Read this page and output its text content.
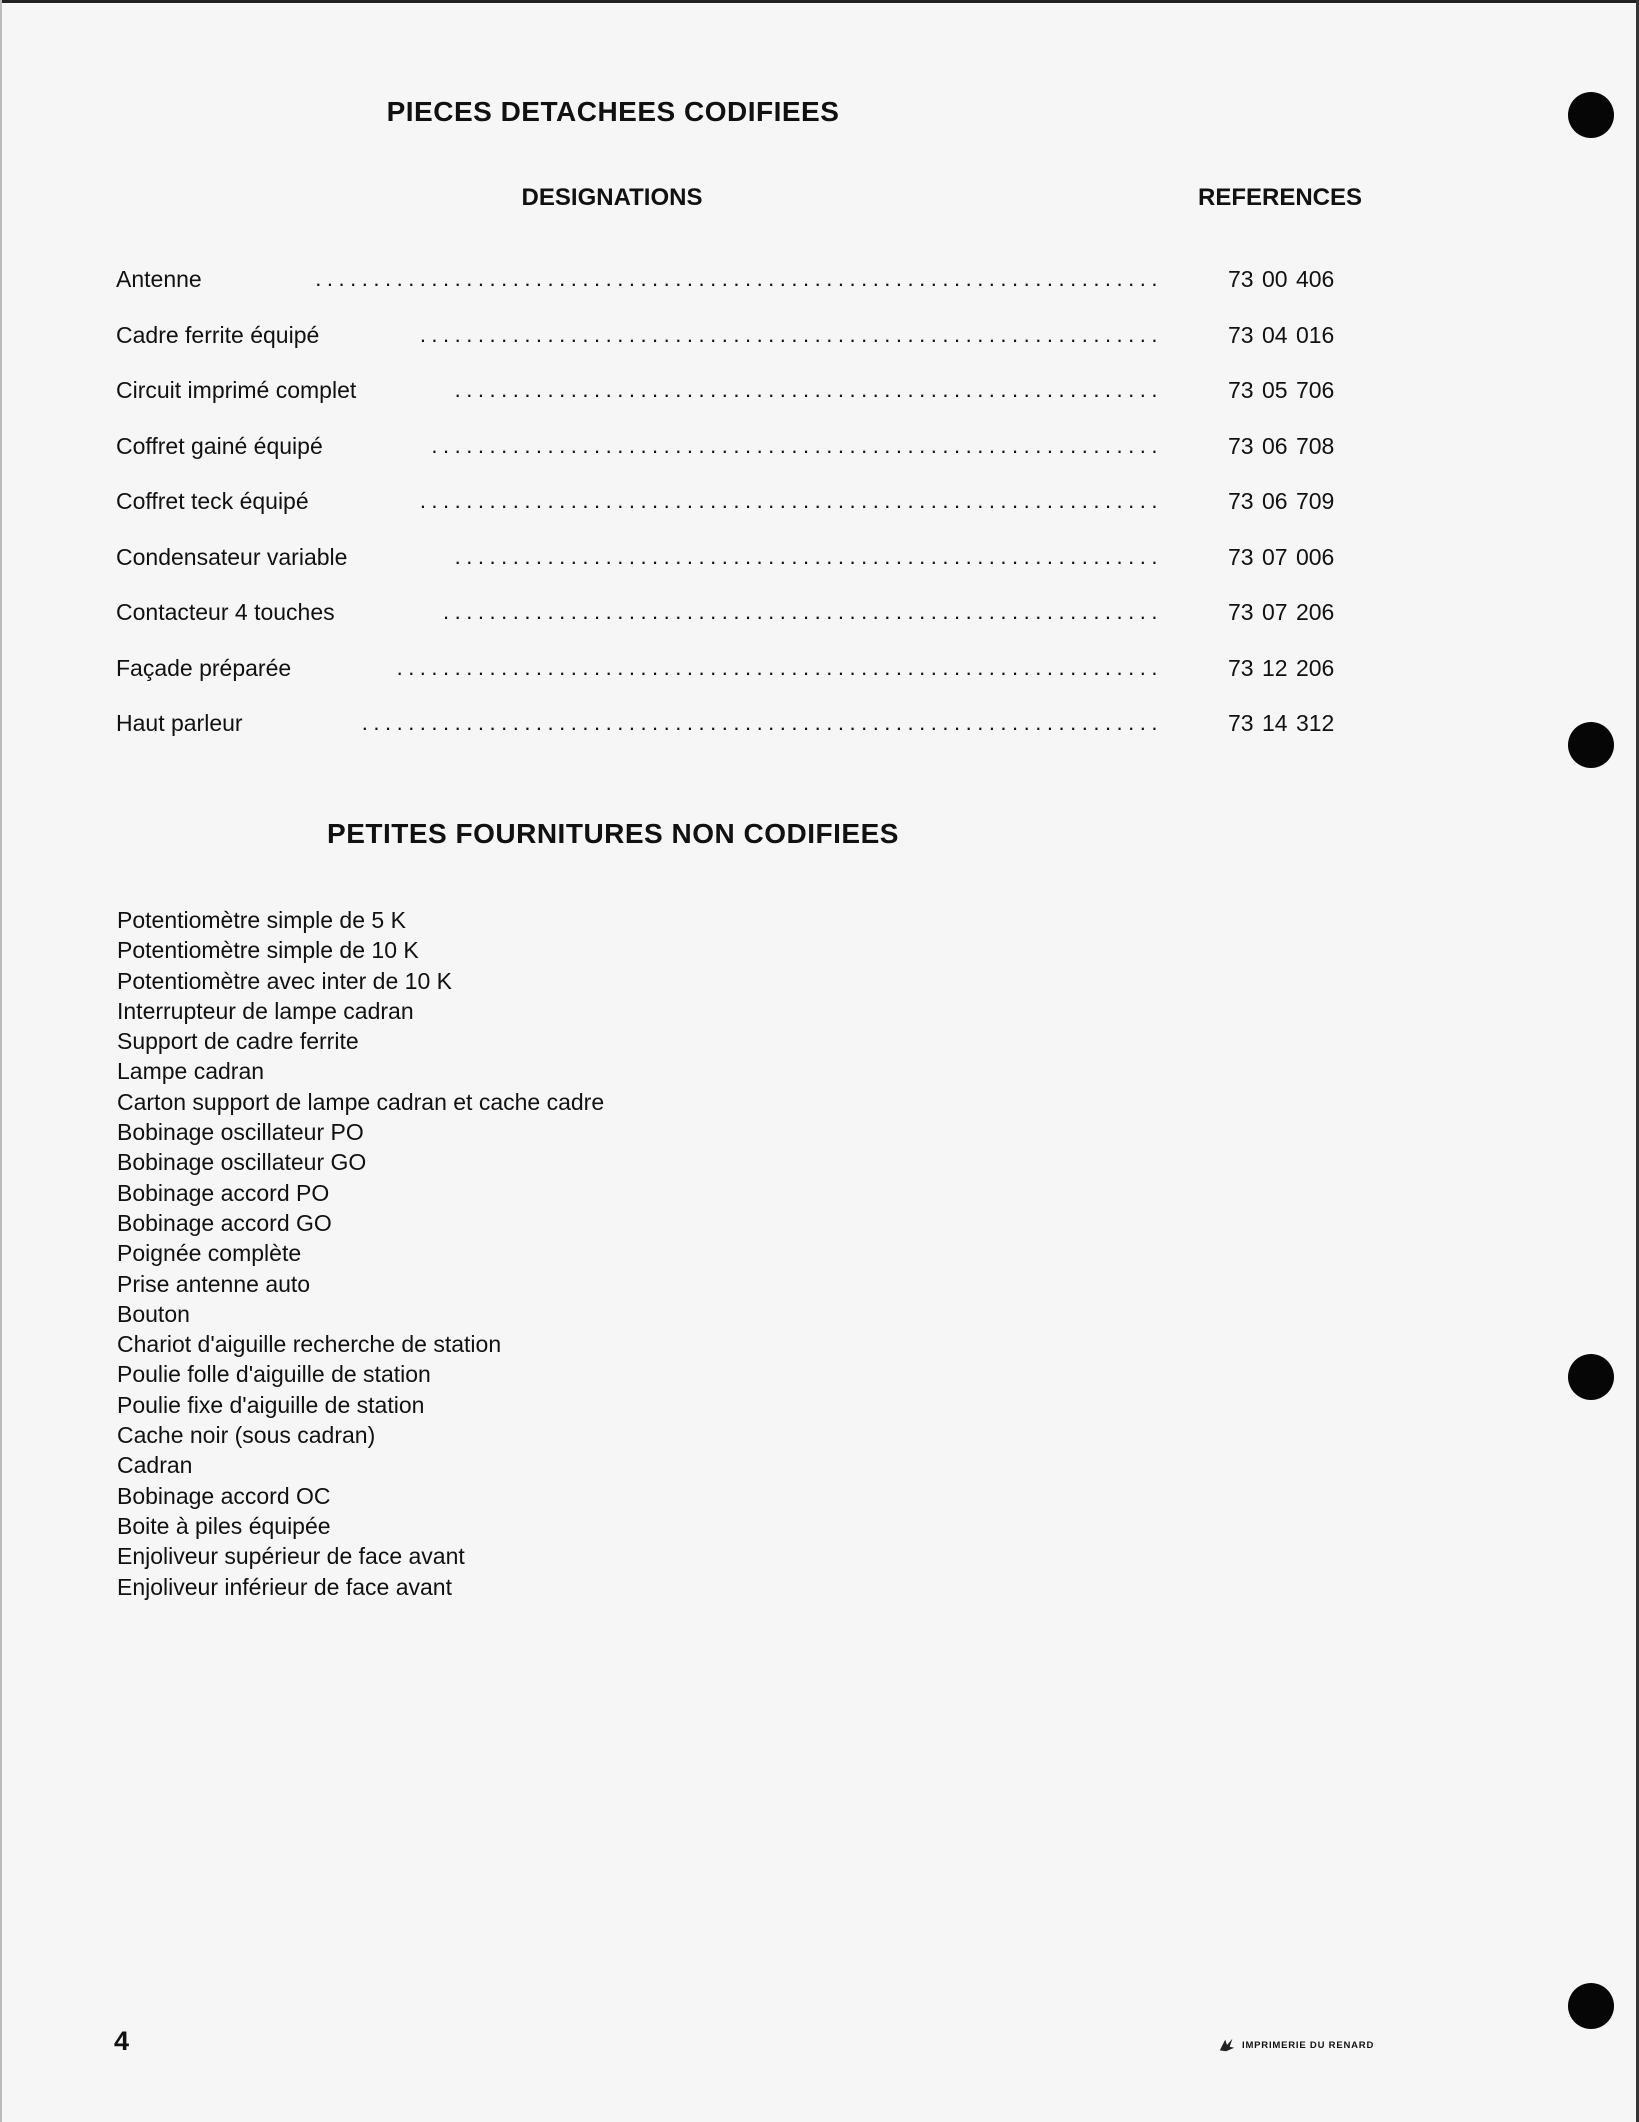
PIECES DETACHEES CODIFIEES
DESIGNATIONS	REFERENCES
Antenne	.........................................................................	73 00 406
Cadre ferrite équipé	................................................................	73 04 016
Circuit imprimé complet	.............................................................	73 05 706
Coffret gainé équipé	...............................................................	73 06 708
Coffret teck équipé	................................................................	73 06 709
Condensateur variable	.............................................................	73 07 006
Contacteur 4 touches	..............................................................	73 07 206
Façade préparée	..................................................................	73 12 206
Haut parleur	.....................................................................	73 14 312
PETITES FOURNITURES NON CODIFIEES
Potentiomètre simple de 5 K
Potentiomètre simple de 10 K
Potentiomètre avec inter de 10 K
Interrupteur de lampe cadran
Support de cadre ferrite
Lampe cadran
Carton support de lampe cadran et cache cadre
Bobinage oscillateur PO
Bobinage oscillateur GO
Bobinage accord PO
Bobinage accord GO
Poignée complète
Prise antenne auto
Bouton
Chariot d'aiguille recherche de station
Poulie folle d'aiguille de station
Poulie fixe d'aiguille de station
Cache noir (sous cadran)
Cadran
Bobinage accord OC
Boite à piles équipée
Enjoliveur supérieur de face avant
Enjoliveur inférieur de face avant
4	IMPRIMERIE DU RENARD
